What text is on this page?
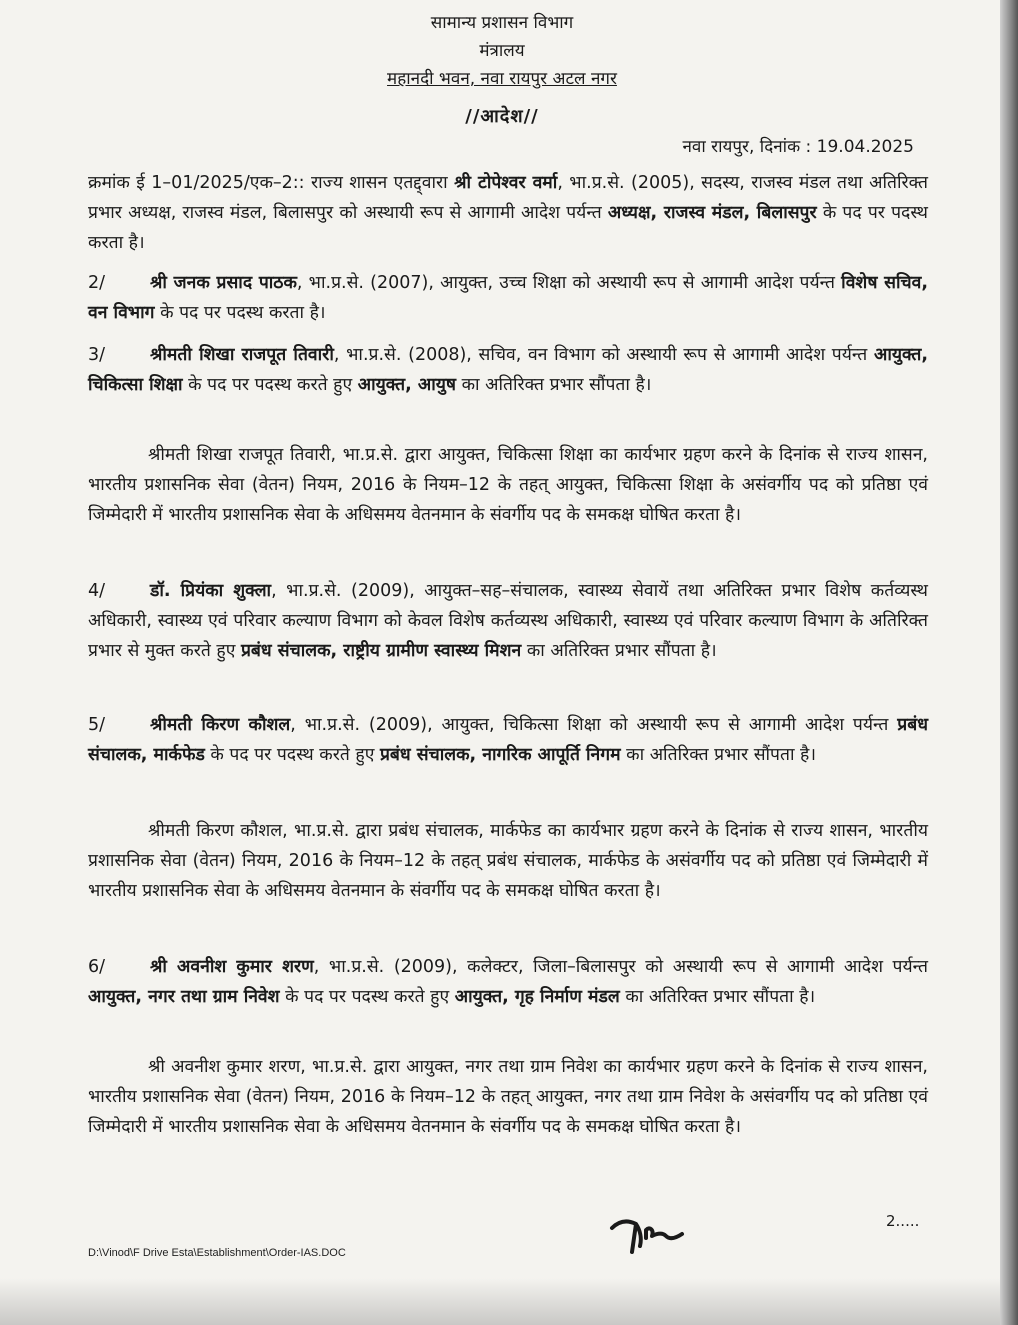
सामान्य प्रशासन विभाग
मंत्रालय
महानदी भवन, नवा रायपुर अटल नगर
//आदेश//
नवा रायपुर, दिनांक : 19.04.2025

क्रमांक ई 1–01/2025/एक–2:: राज्य शासन एतद्द्वारा श्री टोपेश्वर वर्मा, भा.प्र.से. (2005), सदस्य, राजस्व मंडल तथा अतिरिक्त प्रभार अध्यक्ष, राजस्व मंडल, बिलासपुर को अस्थायी रूप से आगामी आदेश पर्यन्त अध्यक्ष, राजस्व मंडल, बिलासपुर के पद पर पदस्थ करता है।

2/	श्री जनक प्रसाद पाठक, भा.प्र.से. (2007), आयुक्त, उच्च शिक्षा को अस्थायी रूप से आगामी आदेश पर्यन्त विशेष सचिव, वन विभाग के पद पर पदस्थ करता है।

3/	श्रीमती शिखा राजपूत तिवारी, भा.प्र.से. (2008), सचिव, वन विभाग को अस्थायी रूप से आगामी आदेश पर्यन्त आयुक्त, चिकित्सा शिक्षा के पद पर पदस्थ करते हुए आयुक्त, आयुष का अतिरिक्त प्रभार सौंपता है।

श्रीमती शिखा राजपूत तिवारी, भा.प्र.से. द्वारा आयुक्त, चिकित्सा शिक्षा का कार्यभार ग्रहण करने के दिनांक से राज्य शासन, भारतीय प्रशासनिक सेवा (वेतन) नियम, 2016 के नियम–12 के तहत् आयुक्त, चिकित्सा शिक्षा के असंवर्गीय पद को प्रतिष्ठा एवं जिम्मेदारी में भारतीय प्रशासनिक सेवा के अधिसमय वेतनमान के संवर्गीय पद के समकक्ष घोषित करता है।

4/	डॉ. प्रियंका शुक्ला, भा.प्र.से. (2009), आयुक्त–सह–संचालक, स्वास्थ्य सेवायें तथा अतिरिक्त प्रभार विशेष कर्तव्यस्थ अधिकारी, स्वास्थ्य एवं परिवार कल्याण विभाग को केवल विशेष कर्तव्यस्थ अधिकारी, स्वास्थ्य एवं परिवार कल्याण विभाग के अतिरिक्त प्रभार से मुक्त करते हुए प्रबंध संचालक, राष्ट्रीय ग्रामीण स्वास्थ्य मिशन का अतिरिक्त प्रभार सौंपता है।

5/	श्रीमती किरण कौशल, भा.प्र.से. (2009), आयुक्त, चिकित्सा शिक्षा को अस्थायी रूप से आगामी आदेश पर्यन्त प्रबंध संचालक, मार्कफेड के पद पर पदस्थ करते हुए प्रबंध संचालक, नागरिक आपूर्ति निगम का अतिरिक्त प्रभार सौंपता है।

श्रीमती किरण कौशल, भा.प्र.से. द्वारा प्रबंध संचालक, मार्कफेड का कार्यभार ग्रहण करने के दिनांक से राज्य शासन, भारतीय प्रशासनिक सेवा (वेतन) नियम, 2016 के नियम–12 के तहत् प्रबंध संचालक, मार्कफेड के असंवर्गीय पद को प्रतिष्ठा एवं जिम्मेदारी में भारतीय प्रशासनिक सेवा के अधिसमय वेतनमान के संवर्गीय पद के समकक्ष घोषित करता है।

6/	श्री अवनीश कुमार शरण, भा.प्र.से. (2009), कलेक्टर, जिला–बिलासपुर को अस्थायी रूप से आगामी आदेश पर्यन्त आयुक्त, नगर तथा ग्राम निवेश के पद पर पदस्थ करते हुए आयुक्त, गृह निर्माण मंडल का अतिरिक्त प्रभार सौंपता है।

श्री अवनीश कुमार शरण, भा.प्र.से. द्वारा आयुक्त, नगर तथा ग्राम निवेश का कार्यभार ग्रहण करने के दिनांक से राज्य शासन, भारतीय प्रशासनिक सेवा (वेतन) नियम, 2016 के नियम–12 के तहत् आयुक्त, नगर तथा ग्राम निवेश के असंवर्गीय पद को प्रतिष्ठा एवं जिम्मेदारी में भारतीय प्रशासनिक सेवा के अधिसमय वेतनमान के संवर्गीय पद के समकक्ष घोषित करता है।

2.....
D:\Vinod\F Drive Esta\Establishment\Order-IAS.DOC
